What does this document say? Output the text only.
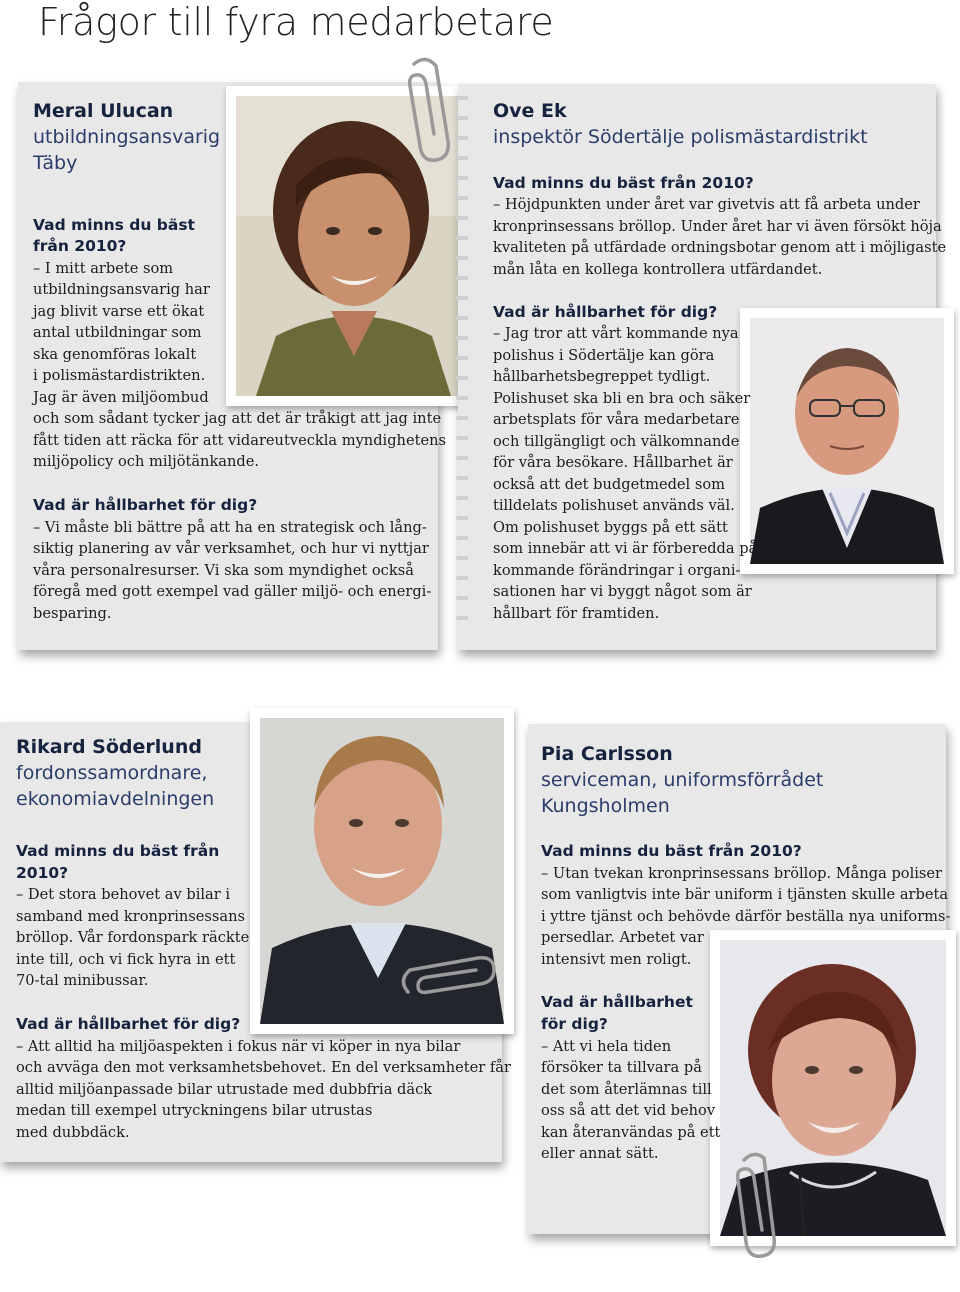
Frågor till fyra medarbetare
Meral Ulucan
utbildningsansvarig
Täby
Vad minns du bäst
från 2010?
– I mitt arbete som
utbildningsansvarig har
jag blivit varse ett ökat
antal utbildningar som
ska genomföras lokalt
i polismästardistrikten.
Jag är även miljöombud
och som sådant tycker jag att det är tråkigt att jag inte
fått tiden att räcka för att vidareutveckla myndighetens
miljöpolicy och miljötänkande.
Vad är hållbarhet för dig?
– Vi måste bli bättre på att ha en strategisk och lång-
siktig planering av vår verksamhet, och hur vi nyttjar
våra personalresurser. Vi ska som myndighet också
föregå med gott exempel vad gäller miljö- och energi-
besparing.
Ove Ek
inspektör Södertälje polismästardistrikt
Vad minns du bäst från 2010?
– Höjdpunkten under året var givetvis att få arbeta under
kronprinsessans bröllop. Under året har vi även försökt höja
kvaliteten på utfärdade ordningsbotar genom att i möjligaste
mån låta en kollega kontrollera utfärdandet.
Vad är hållbarhet för dig?
– Jag tror att vårt kommande nya
polishus i Södertälje kan göra
hållbarhetsbegreppet tydligt.
Polishuset ska bli en bra och säker
arbetsplats för våra medarbetare
och tillgängligt och välkomnande
för våra besökare. Hållbarhet är
också att det budgetmedel som
tilldelats polishuset används väl.
Om polishuset byggs på ett sätt
som innebär att vi är förberedda på
kommande förändringar i organi-
sationen har vi byggt något som är
hållbart för framtiden.
Rikard Söderlund
fordonssamordnare,
ekonomiavdelningen
Vad minns du bäst från
2010?
– Det stora behovet av bilar i
samband med kronprinsessans
bröllop. Vår fordonspark räckte
inte till, och vi fick hyra in ett
70-tal minibussar.
Vad är hållbarhet för dig?
– Att alltid ha miljöaspekten i fokus när vi köper in nya bilar
och avväga den mot verksamhetsbehovet. En del verksamheter får
alltid miljöanpassade bilar utrustade med dubbfria däck
medan till exempel utryckningens bilar utrustas
med dubbdäck.
Pia Carlsson
serviceman, uniformsförrådet
Kungsholmen
Vad minns du bäst från 2010?
– Utan tvekan kronprinsessans bröllop. Många poliser
som vanligtvis inte bär uniform i tjänsten skulle arbeta
i yttre tjänst och behövde därför beställa nya uniforms-
persedlar. Arbetet var
intensivt men roligt.
Vad är hållbarhet
för dig?
– Att vi hela tiden
försöker ta tillvara på
det som återlämnas till
oss så att det vid behov
kan återanvändas på ett
eller annat sätt.
